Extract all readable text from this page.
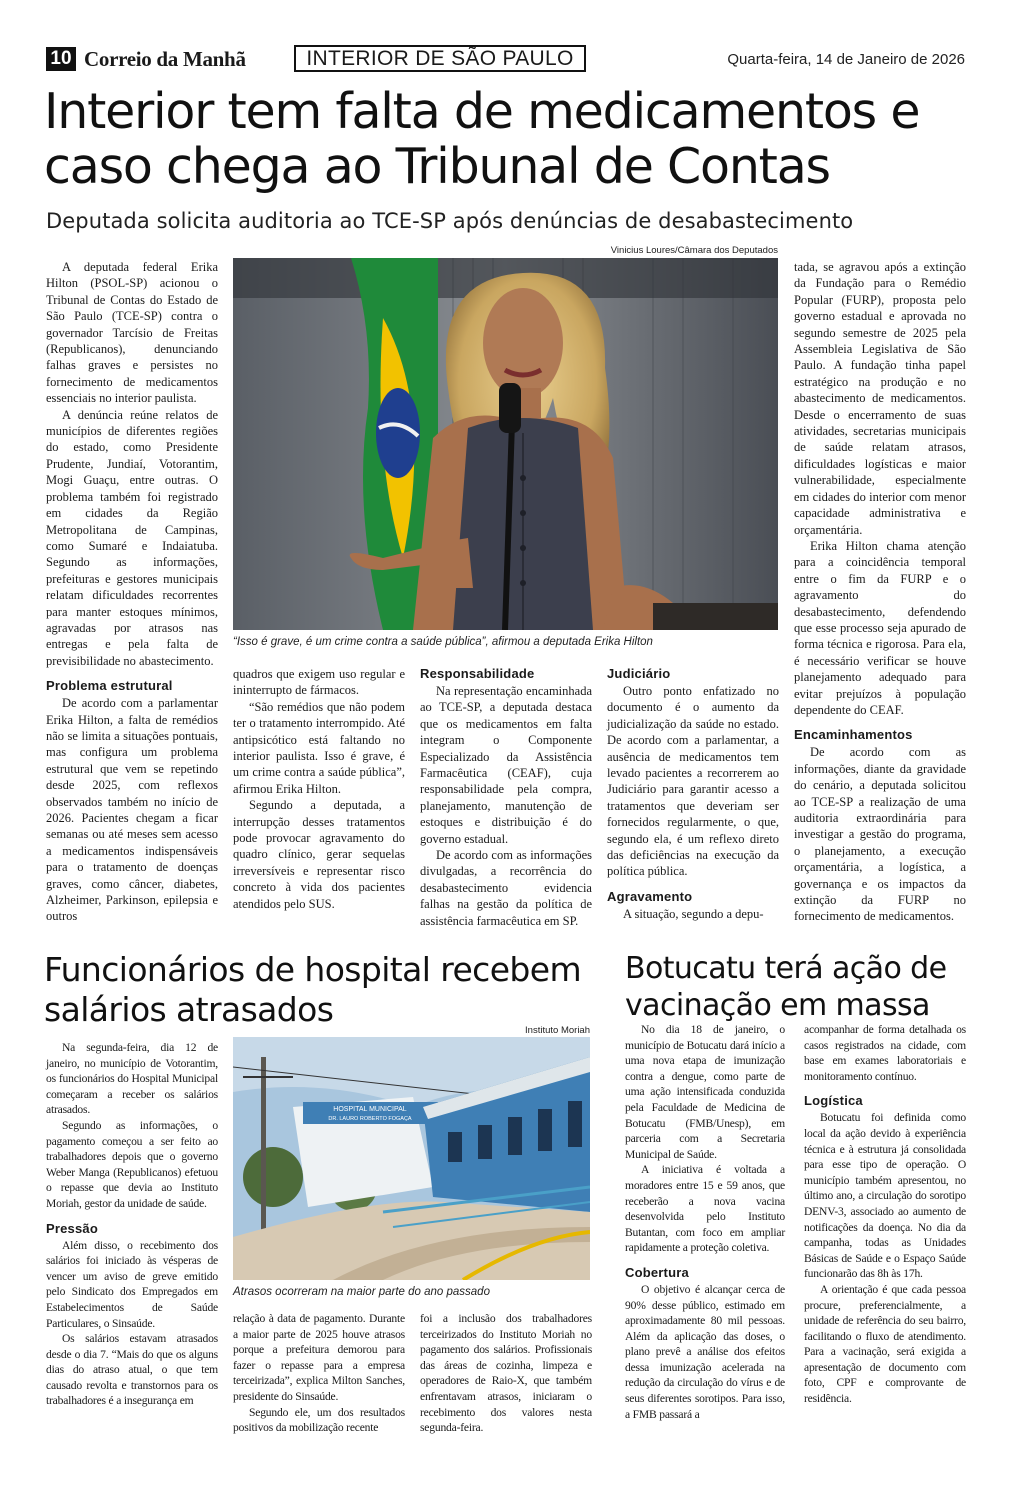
10 Correio da Manhã	INTERIOR DE SÃO PAULO	Quarta-feira, 14 de Janeiro de 2026
Interior tem falta de medicamentos e caso chega ao Tribunal de Contas
Deputada solicita auditoria ao TCE-SP após denúncias de desabastecimento
Vinicius Loures/Câmara dos Deputados
“Isso é grave, é um crime contra a saúde pública”, afirmou a deputada Erika Hilton

A deputada federal Erika Hilton (PSOL-SP) acionou o Tribunal de Contas do Estado de São Paulo (TCE-SP) contra o governador Tarcísio de Freitas (Republicanos), denunciando falhas graves e persistes no fornecimento de medicamentos essenciais no interior paulista.

A denúncia reúne relatos de municípios de diferentes regiões do estado, como Presidente Prudente, Jundiaí, Votorantim, Mogi Guaçu, entre outras. O problema também foi registrado em cidades da Região Metropolitana de Campinas, como Sumaré e Indaiatuba. Segundo as informações, prefeituras e gestores municipais relatam dificuldades recorrentes para manter estoques mínimos, agravadas por atrasos nas entregas e pela falta de previsibilidade no abastecimento.

Problema estrutural

De acordo com a parlamentar Erika Hilton, a falta de remédios não se limita a situações pontuais, mas configura um problema estrutural que vem se repetindo desde 2025, com reflexos observados também no início de 2026. Pacientes chegam a ficar semanas ou até meses sem acesso a medicamentos indispensáveis para o tratamento de doenças graves, como câncer, diabetes, Alzheimer, Parkinson, epilepsia e outros

quadros que exigem uso regular e ininterrupto de fármacos.

“São remédios que não podem ter o tratamento interrompido. Até antipsicótico está faltando no interior paulista. Isso é grave, é um crime contra a saúde pública”, afirmou Erika Hilton.

Segundo a deputada, a interrupção desses tratamentos pode provocar agravamento do quadro clínico, gerar sequelas irreversíveis e representar risco concreto à vida dos pacientes atendidos pelo SUS.

Responsabilidade

Na representação encaminhada ao TCE-SP, a deputada destaca que os medicamentos em falta integram o Componente Especializado da Assistência Farmacêutica (CEAF), cuja responsabilidade pela compra, planejamento, manutenção de estoques e distribuição é do governo estadual.

De acordo com as informações divulgadas, a recorrência do desabastecimento evidencia falhas na gestão da política de assistência farmacêutica em SP.

Judiciário

Outro ponto enfatizado no documento é o aumento da judicialização da saúde no estado. De acordo com a parlamentar, a ausência de medicamentos tem levado pacientes a recorrerem ao Judiciário para garantir acesso a tratamentos que deveriam ser fornecidos regularmente, o que, segundo ela, é um reflexo direto das deficiências na execução da política pública.

Agravamento

A situação, segundo a depu-

tada, se agravou após a extinção da Fundação para o Remédio Popular (FURP), proposta pelo governo estadual e aprovada no segundo semestre de 2025 pela Assembleia Legislativa de São Paulo. A fundação tinha papel estratégico na produção e no abastecimento de medicamentos. Desde o encerramento de suas atividades, secretarias municipais de saúde relatam atrasos, dificuldades logísticas e maior vulnerabilidade, especialmente em cidades do interior com menor capacidade administrativa e orçamentária.

Erika Hilton chama atenção para a coincidência temporal entre o fim da FURP e o agravamento do desabastecimento, defendendo que esse processo seja apurado de forma técnica e rigorosa. Para ela, é necessário verificar se houve planejamento adequado para evitar prejuízos à população dependente do CEAF.

Encaminhamentos

De acordo com as informações, diante da gravidade do cenário, a deputada solicitou ao TCE-SP a realização de uma auditoria extraordinária para investigar a gestão do programa, o planejamento, a execução orçamentária, a logística, a governança e os impactos da extinção da FURP no fornecimento de medicamentos.

Funcionários de hospital recebem salários atrasados
Instituto Moriah
HOSPITAL MUNICIPAL
DR. LAURO ROBERTO FOGAÇA
Atrasos ocorreram na maior parte do ano passado

Na segunda-feira, dia 12 de janeiro, no município de Votorantim, os funcionários do Hospital Municipal começaram a receber os salários atrasados.

Segundo as informações, o pagamento começou a ser feito ao trabalhadores depois que o governo Weber Manga (Republicanos) efetuou o repasse que devia ao Instituto Moriah, gestor da unidade de saúde.

Pressão

Além disso, o recebimento dos salários foi iniciado às vésperas de vencer um aviso de greve emitido pelo Sindicato dos Empregados em Estabelecimentos de Saúde Particulares, o Sinsaúde.

Os salários estavam atrasados desde o dia 7. “Mais do que os alguns dias do atraso atual, o que tem causado revolta e transtornos para os trabalhadores é a insegurança em

relação à data de pagamento. Durante a maior parte de 2025 houve atrasos porque a prefeitura demorou para fazer o repasse para a empresa terceirizada”, explica Milton Sanches, presidente do Sinsaúde.

Segundo ele, um dos resultados positivos da mobilização recente

foi a inclusão dos trabalhadores terceirizados do Instituto Moriah no pagamento dos salários. Profissionais das áreas de cozinha, limpeza e operadores de Raio-X, que também enfrentavam atrasos, iniciaram o recebimento dos valores nesta segunda-feira.

Botucatu terá ação de vacinação em massa

No dia 18 de janeiro, o município de Botucatu dará início a uma nova etapa de imunização contra a dengue, como parte de uma ação intensificada conduzida pela Faculdade de Medicina de Botucatu (FMB/Unesp), em parceria com a Secretaria Municipal de Saúde.

A iniciativa é voltada a moradores entre 15 e 59 anos, que receberão a nova vacina desenvolvida pelo Instituto Butantan, com foco em ampliar rapidamente a proteção coletiva.

Cobertura

O objetivo é alcançar cerca de 90% desse público, estimado em aproximadamente 80 mil pessoas. Além da aplicação das doses, o plano prevê a análise dos efeitos dessa imunização acelerada na redução da circulação do vírus e de seus diferentes sorotipos. Para isso, a FMB passará a

acompanhar de forma detalhada os casos registrados na cidade, com base em exames laboratoriais e monitoramento contínuo.

Logística

Botucatu foi definida como local da ação devido à experiência técnica e à estrutura já consolidada para esse tipo de operação. O município também apresentou, no último ano, a circulação do sorotipo DENV-3, associado ao aumento de notificações da doença. No dia da campanha, todas as Unidades Básicas de Saúde e o Espaço Saúde funcionarão das 8h às 17h.

A orientação é que cada pessoa procure, preferencialmente, a unidade de referência do seu bairro, facilitando o fluxo de atendimento. Para a vacinação, será exigida a apresentação de documento com foto, CPF e comprovante de residência.
